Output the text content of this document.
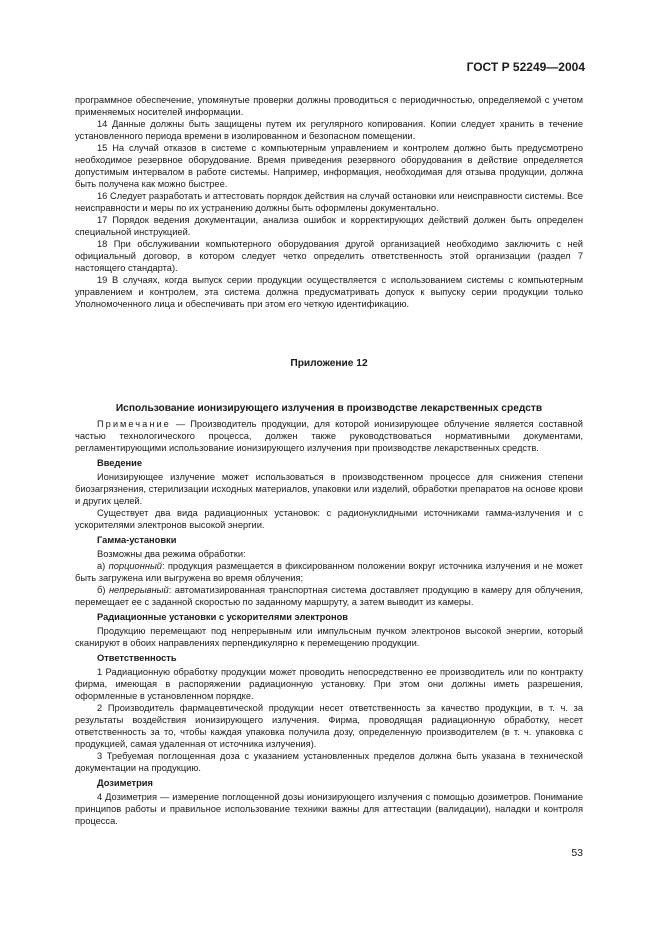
ГОСТ Р 52249—2004

программное обеспечение, упомянутые проверки должны проводиться с периодичностью, определяемой с учетом применяемых носителей информации.

14 Данные должны быть защищены путем их регулярного копирования. Копии следует хранить в течение установленного периода времени в изолированном и безопасном помещении.

15 На случай отказов в системе с компьютерным управлением и контролем должно быть предусмотрено необходимое резервное оборудование. Время приведения резервного оборудования в действие определяется допустимым интервалом в работе системы. Например, информация, необходимая для отзыва продукции, должна быть получена как можно быстрее.

16 Следует разработать и аттестовать порядок действия на случай остановки или неисправности системы. Все неисправности и меры по их устранению должны быть оформлены документально.

17 Порядок ведения документации, анализа ошибок и корректирующих действий должен быть определен специальной инструкцией.

18 При обслуживании компьютерного оборудования другой организацией необходимо заключить с ней официальный договор, в котором следует четко определить ответственность этой организации (раздел 7 настоящего стандарта).

19 В случаях, когда выпуск серии продукции осуществляется с использованием системы с компьютерным управлением и контролем, эта система должна предусматривать допуск к выпуску серии продукции только Уполномоченного лица и обеспечивать при этом его четкую идентификацию.

Приложение 12

Использование ионизирующего излучения в производстве лекарственных средств

Примечание — Производитель продукции, для которой ионизирующее облучение является составной частью технологического процесса, должен также руководствоваться нормативными документами, регламентирующими использование ионизирующего излучения при производстве лекарственных средств.

Введение

Ионизирующее излучение может использоваться в производственном процессе для снижения степени биозагрязнения, стерилизации исходных материалов, упаковки или изделий, обработки препаратов на основе крови и других целей.

Существует два вида радиационных установок: с радионуклидными источниками гамма-излучения и с ускорителями электронов высокой энергии.

Гамма-установки

Возможны два режима обработки:

а) порционный: продукция размещается в фиксированном положении вокруг источника излучения и не может быть загружена или выгружена во время облучения;

б) непрерывный: автоматизированная транспортная система доставляет продукцию в камеру для облучения, перемещает ее с заданной скоростью по заданному маршруту, а затем выводит из камеры.

Радиационные установки с ускорителями электронов

Продукцию перемещают под непрерывным или импульсным пучком электронов высокой энергии, который сканируют в обоих направлениях перпендикулярно к перемещению продукции.

Ответственность

1 Радиационную обработку продукции может проводить непосредственно ее производитель или по контракту фирма, имеющая в распоряжении радиационную установку. При этом они должны иметь разрешения, оформленные в установленном порядке.

2 Производитель фармацевтической продукции несет ответственность за качество продукции, в т. ч. за результаты воздействия ионизирующего излучения. Фирма, проводящая радиационную обработку, несет ответственность за то, чтобы каждая упаковка получила дозу, определенную производителем (в т. ч. упаковка с продукцией, самая удаленная от источника излучения).

3 Требуемая поглощенная доза с указанием установленных пределов должна быть указана в технической документации на продукцию.

Дозиметрия

4 Дозиметрия — измерение поглощенной дозы ионизирующего излучения с помощью дозиметров. Понимание принципов работы и правильное использование техники важны для аттестации (валидации), наладки и контроля процесса.

53
